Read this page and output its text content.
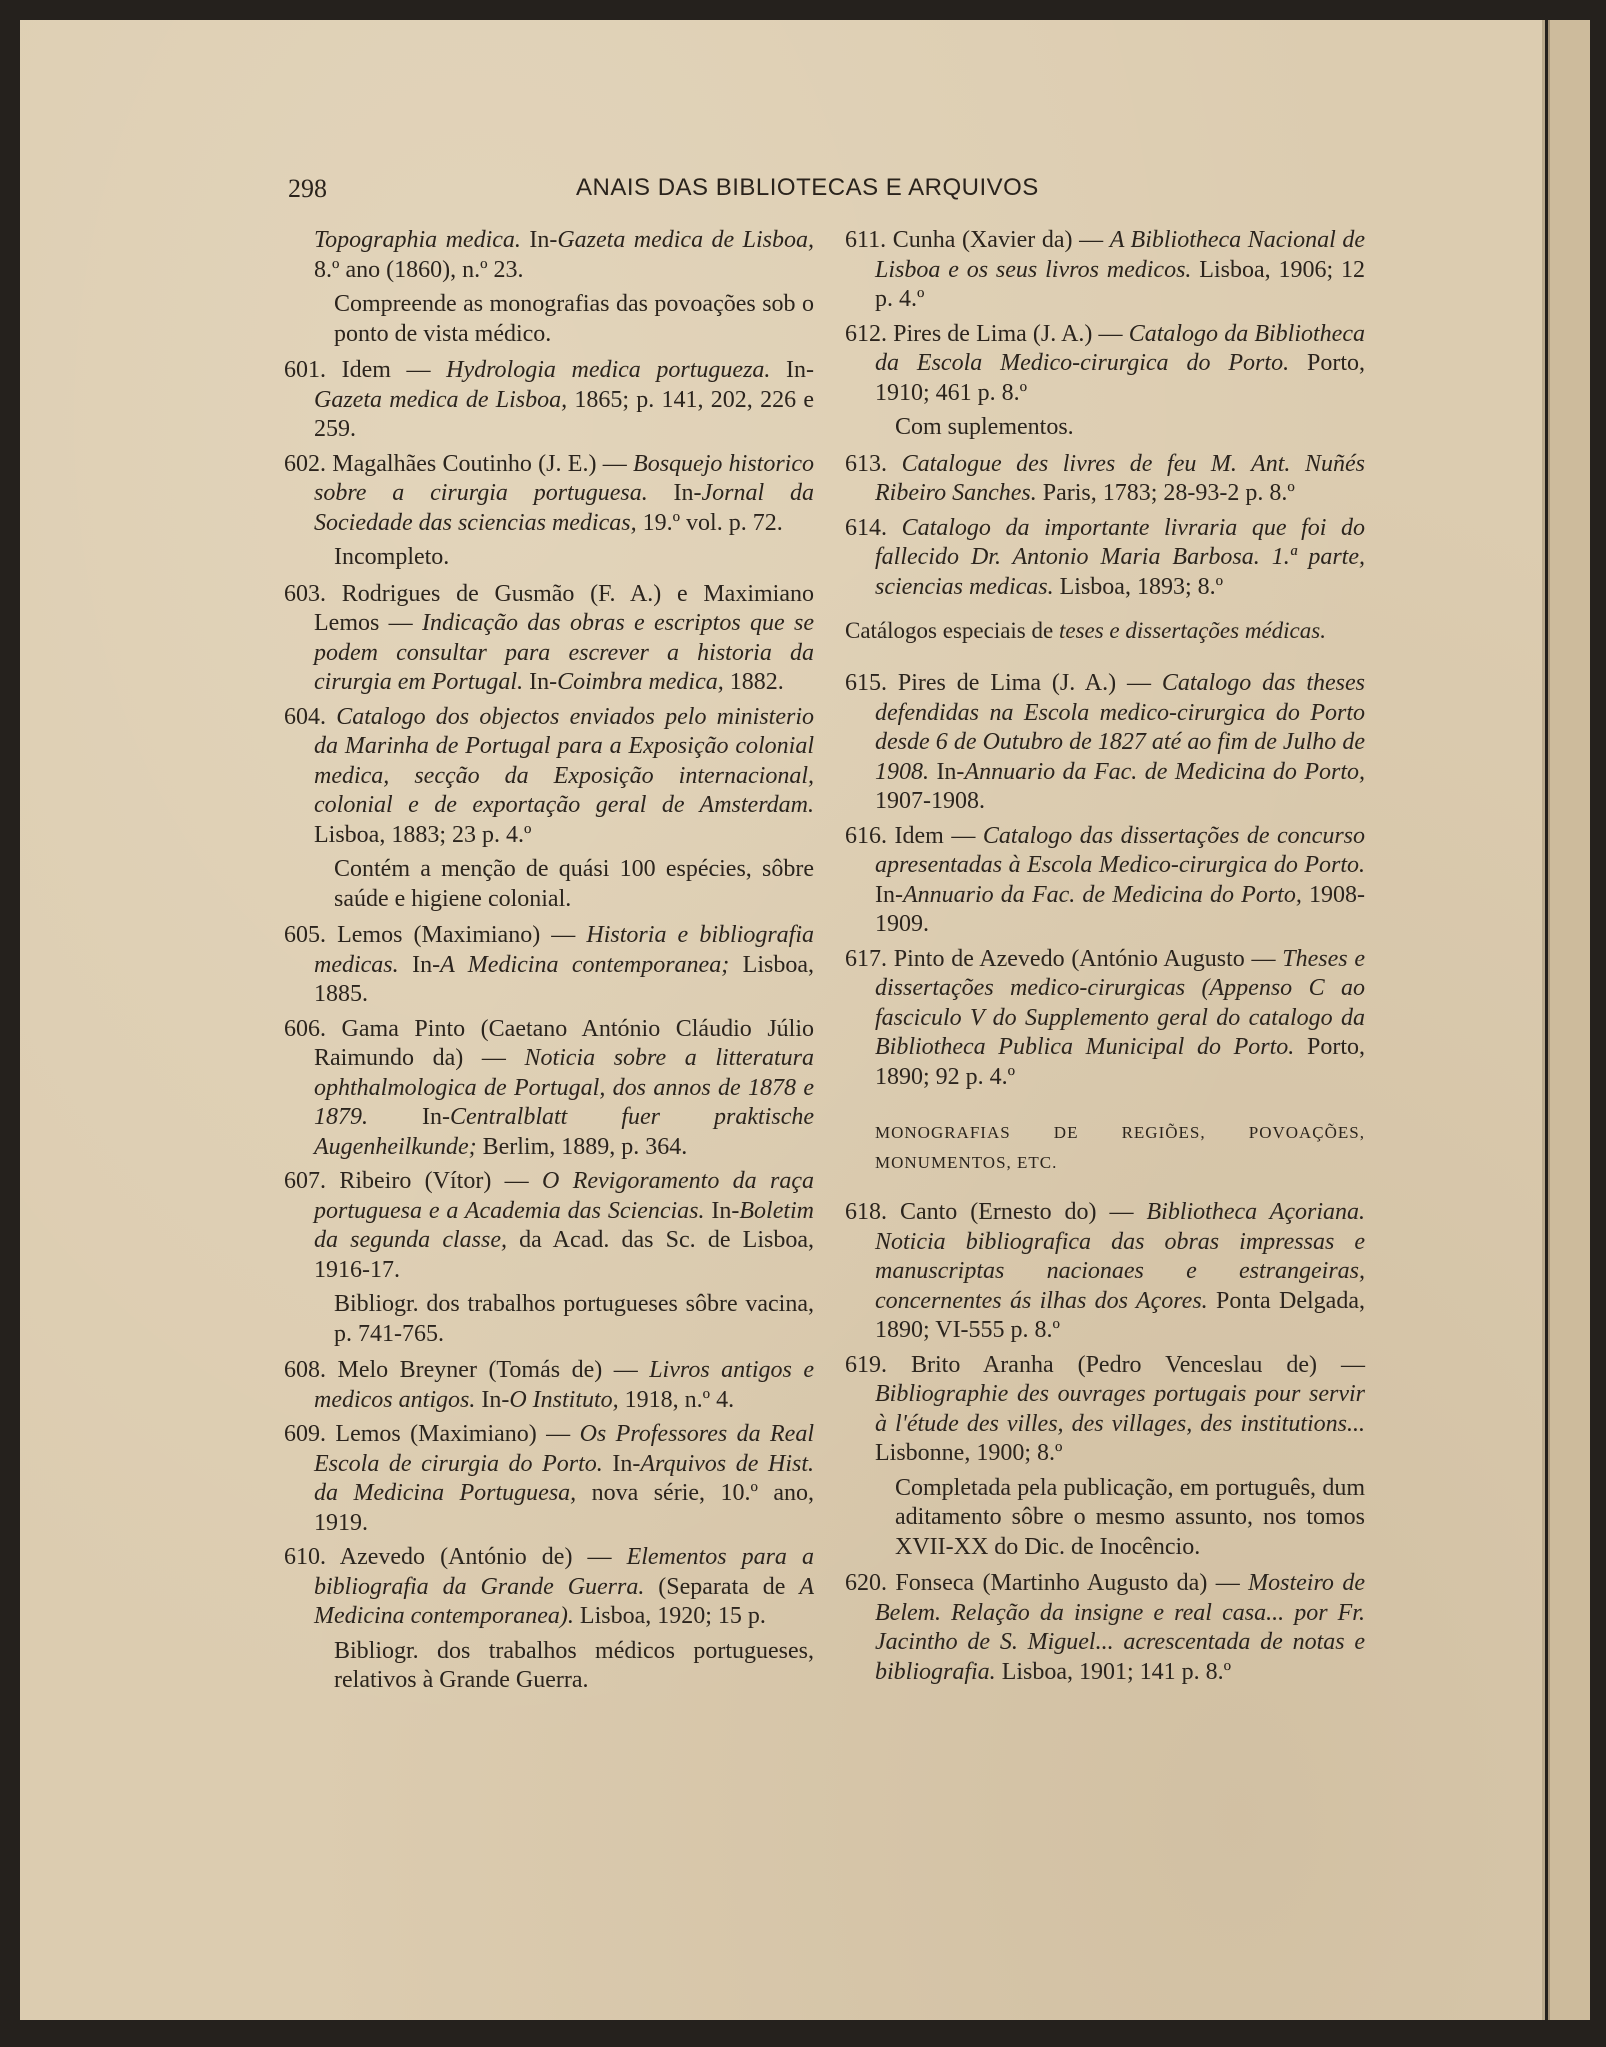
298	ANAIS DAS BIBLIOTECAS E ARQUIVOS

Topographia medica. In-Gazeta medica de Lisboa, 8.º ano (1860), n.º 23.

Compreende as monografias das povoações sob o ponto de vista médico.

601. Idem — Hydrologia medica portugueza. In-Gazeta medica de Lisboa, 1865; p. 141, 202, 226 e 259.

602. Magalhães Coutinho (J. E.) — Bosquejo historico sobre a cirurgia portuguesa. In-Jornal da Sociedade das sciencias medicas, 19.º vol. p. 72.

Incompleto.

603. Rodrigues de Gusmão (F. A.) e Maximiano Lemos — Indicação das obras e escriptos que se podem consultar para escrever a historia da cirurgia em Portugal. In-Coimbra medica, 1882.

604. Catalogo dos objectos enviados pelo ministerio da Marinha de Portugal para a Exposição colonial medica, secção da Exposição internacional, colonial e de exportação geral de Amsterdam. Lisboa, 1883; 23 p. 4.º

Contém a menção de quási 100 espécies, sôbre saúde e higiene colonial.

605. Lemos (Maximiano) — Historia e bibliografia medicas. In-A Medicina contemporanea; Lisboa, 1885.

606. Gama Pinto (Caetano António Cláudio Júlio Raimundo da) — Noticia sobre a litteratura ophthalmologica de Portugal, dos annos de 1878 e 1879. In-Centralblatt fuer praktische Augenheilkunde; Berlim, 1889, p. 364.

607. Ribeiro (Vítor) — O Revigoramento da raça portuguesa e a Academia das Sciencias. In-Boletim da segunda classe, da Acad. das Sc. de Lisboa, 1916-17.

Bibliogr. dos trabalhos portugueses sôbre vacina, p. 741-765.

608. Melo Breyner (Tomás de) — Livros antigos e medicos antigos. In-O Instituto, 1918, n.º 4.

609. Lemos (Maximiano) — Os Professores da Real Escola de cirurgia do Porto. In-Arquivos de Hist. da Medicina Portuguesa, nova série, 10.º ano, 1919.

610. Azevedo (António de) — Elementos para a bibliografia da Grande Guerra. (Separata de A Medicina contemporanea). Lisboa, 1920; 15 p.

Bibliogr. dos trabalhos médicos portugueses, relativos à Grande Guerra.

611. Cunha (Xavier da) — A Bibliotheca Nacional de Lisboa e os seus livros medicos. Lisboa, 1906; 12 p. 4.º

612. Pires de Lima (J. A.) — Catalogo da Bibliotheca da Escola Medico-cirurgica do Porto. Porto, 1910; 461 p. 8.º

Com suplementos.

613. Catalogue des livres de feu M. Ant. Nuñés Ribeiro Sanches. Paris, 1783; 28-93-2 p. 8.º

614. Catalogo da importante livraria que foi do fallecido Dr. Antonio Maria Barbosa. 1.ª parte, sciencias medicas. Lisboa, 1893; 8.º

Catálogos especiais de teses e dissertações médicas.

615. Pires de Lima (J. A.) — Catalogo das theses defendidas na Escola medico-cirurgica do Porto desde 6 de Outubro de 1827 até ao fim de Julho de 1908. In-Annuario da Fac. de Medicina do Porto, 1907-1908.

616. Idem — Catalogo das dissertações de concurso apresentadas à Escola Medico-cirurgica do Porto. In-Annuario da Fac. de Medicina do Porto, 1908-1909.

617. Pinto de Azevedo (António Augusto — Theses e dissertações medico-cirurgicas (Appenso C ao fasciculo V do Supplemento geral do catalogo da Bibliotheca Publica Municipal do Porto. Porto, 1890; 92 p. 4.º

MONOGRAFIAS DE REGIÕES, POVOAÇÕES, MONUMENTOS, ETC.

618. Canto (Ernesto do) — Bibliotheca Açoriana. Noticia bibliografica das obras impressas e manuscriptas nacionaes e estrangeiras, concernentes ás ilhas dos Açores. Ponta Delgada, 1890; VI-555 p. 8.º

619. Brito Aranha (Pedro Venceslau de) — Bibliographie des ouvrages portugais pour servir à l'étude des villes, des villages, des institutions... Lisbonne, 1900; 8.º

Completada pela publicação, em português, dum aditamento sôbre o mesmo assunto, nos tomos XVII-XX do Dic. de Inocêncio.

620. Fonseca (Martinho Augusto da) — Mosteiro de Belem. Relação da insigne e real casa... por Fr. Jacintho de S. Miguel... acrescentada de notas e bibliografia. Lisboa, 1901; 141 p. 8.º
